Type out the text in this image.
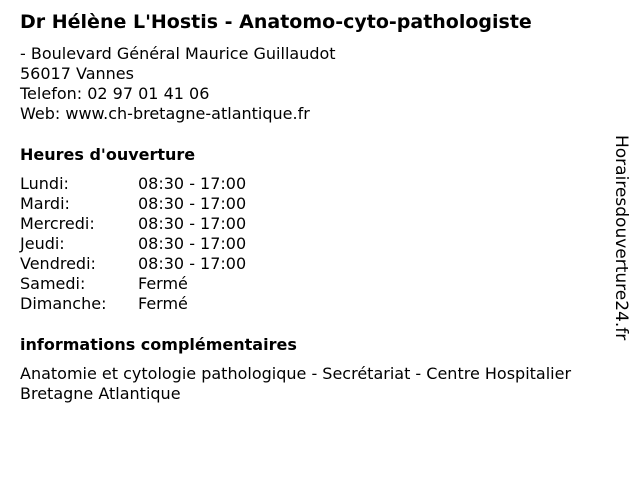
Dr Hélène L'Hostis - Anatomo-cyto-pathologiste
- Boulevard Général Maurice Guillaudot
56017 Vannes
Telefon: 02 97 01 41 06
Web: www.ch-bretagne-atlantique.fr
Heures d'ouverture
Lundi:	08:30 - 17:00
Mardi:	08:30 - 17:00
Mercredi:	08:30 - 17:00
Jeudi:	08:30 - 17:00
Vendredi:	08:30 - 17:00
Samedi:	Fermé
Dimanche: Fermé
informations complémentaires
Anatomie et cytologie pathologique - Secrétariat - Centre Hospitalier Bretagne Atlantique
Horairesdouverture24.fr
